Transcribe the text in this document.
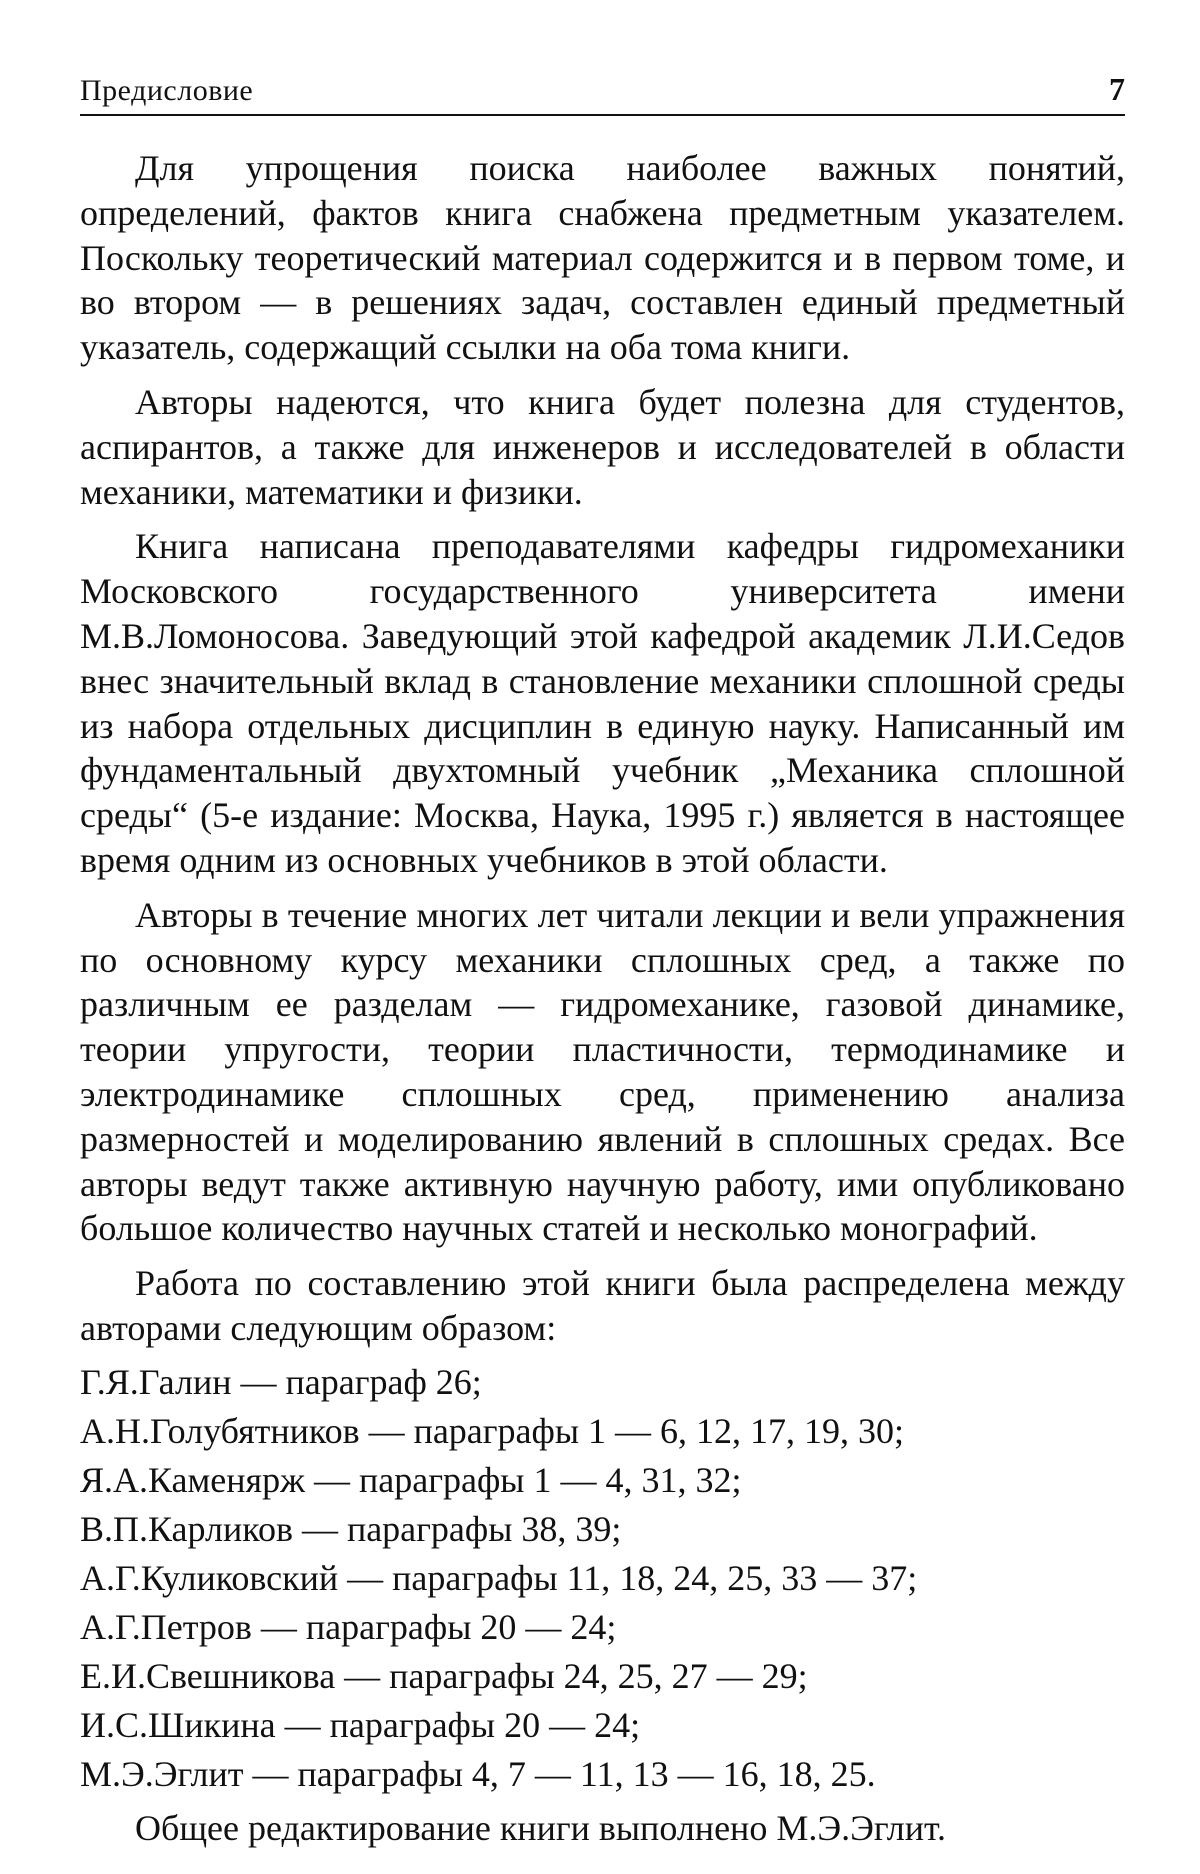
Предисловие	7

Для упрощения поиска наиболее важных понятий, определений, фактов книга снабжена предметным указателем. Поскольку теоретический материал содержится и в первом томе, и во втором — в решениях задач, составлен единый предметный указатель, содержащий ссылки на оба тома книги.

Авторы надеются, что книга будет полезна для студентов, аспирантов, а также для инженеров и исследователей в области механики, математики и физики.

Книга написана преподавателями кафедры гидромеханики Московского государственного университета имени М.В.Ломоносова. Заведующий этой кафедрой академик Л.И.Седов внес значительный вклад в становление механики сплошной среды из набора отдельных дисциплин в единую науку. Написанный им фундаментальный двухтомный учебник „Механика сплошной среды“ (5-е издание: Москва, Наука, 1995 г.) является в настоящее время одним из основных учебников в этой области.

Авторы в течение многих лет читали лекции и вели упражнения по основному курсу механики сплошных сред, а также по различным ее разделам — гидромеханике, газовой динамике, теории упругости, теории пластичности, термодинамике и электродинамике сплошных сред, применению анализа размерностей и моделированию явлений в сплошных средах. Все авторы ведут также активную научную работу, ими опубликовано большое количество научных статей и несколько монографий.

Работа по составлению этой книги была распределена между авторами следующим образом:

Г.Я.Галин — параграф 26;
А.Н.Голубятников — параграфы 1 — 6, 12, 17, 19, 30;
Я.А.Каменярж — параграфы 1 — 4, 31, 32;
В.П.Карликов — параграфы 38, 39;
А.Г.Куликовский — параграфы 11, 18, 24, 25, 33 — 37;
А.Г.Петров — параграфы 20 — 24;
Е.И.Свешникова — параграфы 24, 25, 27 — 29;
И.С.Шикина — параграфы 20 — 24;
М.Э.Эглит — параграфы 4, 7 — 11, 13 — 16, 18, 25.

Общее редактирование книги выполнено М.Э.Эглит.
